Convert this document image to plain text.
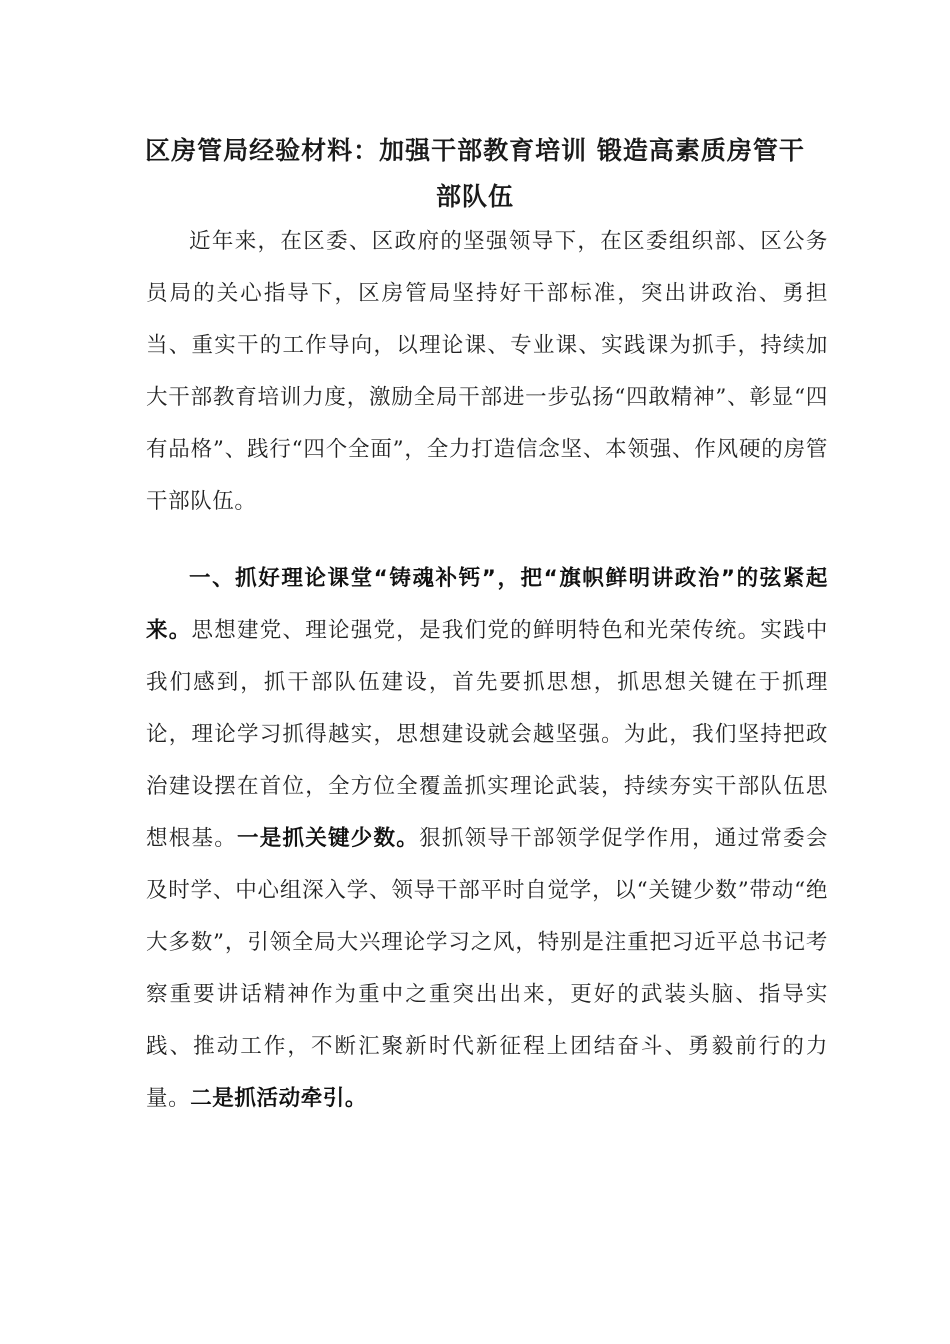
区房管局经验材料：加强干部教育培训 锻造高素质房管干部队伍

近年来，在区委、区政府的坚强领导下，在区委组织部、区公务员局的关心指导下，区房管局坚持好干部标准，突出讲政治、勇担当、重实干的工作导向，以理论课、专业课、实践课为抓手，持续加大干部教育培训力度，激励全局干部进一步弘扬“四敢精神”、彰显“四有品格”、践行“四个全面”，全力打造信念坚、本领强、作风硬的房管干部队伍。

一、抓好理论课堂“铸魂补钙”，把“旗帜鲜明讲政治”的弦紧起来。思想建党、理论强党，是我们党的鲜明特色和光荣传统。实践中我们感到，抓干部队伍建设，首先要抓思想，抓思想关键在于抓理论，理论学习抓得越实，思想建设就会越坚强。为此，我们坚持把政治建设摆在首位，全方位全覆盖抓实理论武装，持续夯实干部队伍思想根基。一是抓关键少数。狠抓领导干部领学促学作用，通过常委会及时学、中心组深入学、领导干部平时自觉学，以“关键少数”带动“绝大多数”，引领全局大兴理论学习之风，特别是注重把习近平总书记考察重要讲话精神作为重中之重突出出来，更好的武装头脑、指导实践、推动工作，不断汇聚新时代新征程上团结奋斗、勇毅前行的力量。二是抓活动牵引。
